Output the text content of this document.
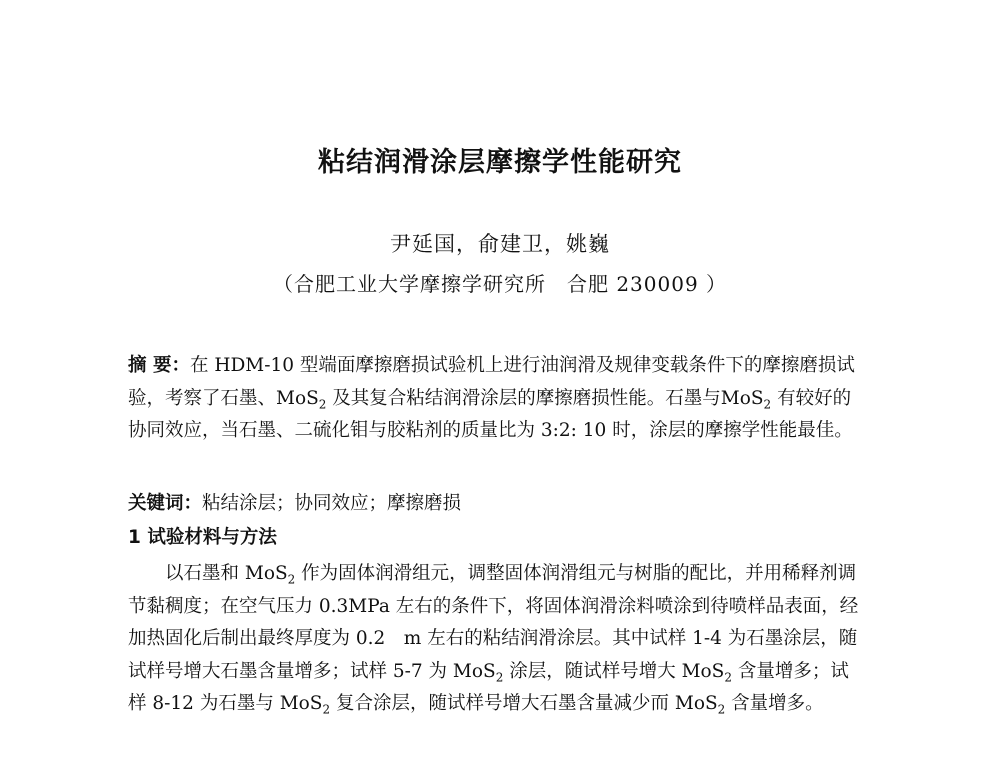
粘结润滑涂层摩擦学性能研究
尹延国，俞建卫，姚巍
（合肥工业大学摩擦学研究所　合肥 230009 ）

摘 要：在 HDM-10 型端面摩擦磨损试验机上进行油润滑及规律变载条件下的摩擦磨损试验，考察了石墨、MoS$_2$ 及其复合粘结润滑涂层的摩擦磨损性能。石墨与MoS$_2$ 有较好的协同效应，当石墨、二硫化钼与胶粘剂的质量比为 3:2: 10 时，涂层的摩擦学性能最佳。

关键词：粘结涂层；协同效应；摩擦磨损

1 试验材料与方法

以石墨和 MoS$_2$ 作为固体润滑组元，调整固体润滑组元与树脂的配比，并用稀释剂调节黏稠度；在空气压力 0.3MPa 左右的条件下，将固体润滑涂料喷涂到待喷样品表面，经加热固化后制出最终厚度为 0.2　m 左右的粘结润滑涂层。其中试样 1-4 为石墨涂层，随试样号增大石墨含量增多；试样 5-7 为 MoS$_2$ 涂层，随试样号增大 MoS$_2$ 含量增多；试样 8-12 为石墨与 MoS$_2$ 复合涂层，随试样号增大石墨含量减少而 MoS$_2$ 含量增多。
